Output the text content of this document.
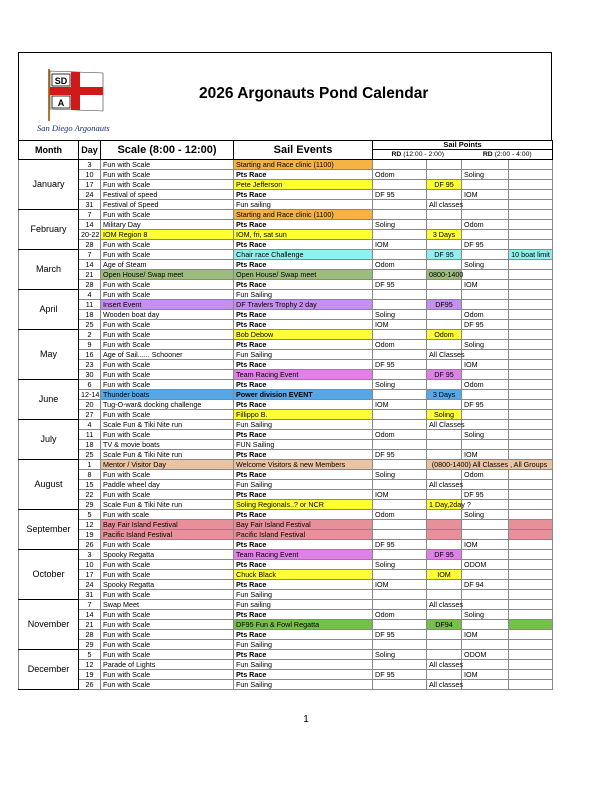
SD
A
San Diego Argonauts
2026 Argonauts Pond Calendar
Month	Day	Scale (8:00 - 12:00)	Sail Events	Sail Points
RD (12:00 - 2:00) RD (2:00 - 4:00)			

January	3	Fun with Scale	Starting and Race clinic (1100)				
	10	Fun with Scale	Pts Race	Odom		Soling	
	17	Fun with Scale	Pete Jefferson		DF 95		
	24	Festival of speed	Pts Race	DF 95		IOM	
	31	Festival of Speed	Fun sailing		All classes		
February	7	Fun with Scale	Starting and Race clinic (1100)				
	14	Military Day	Pts Race	Soling		Odom	
	20-22	IOM Region 8	IOM, fri, sat sun		3 Days		
	28	Fun with Scale	Pts Race	IOM		DF 95	
March	7	Fun with Scale	Chair race Challenge		DF 95		10 boat limit
	14	Age of Steam	Pts Race	Odom		Soling	
	21	Open House/ Swap meet	Open House/ Swap meet		0800-1400		
	28	Fun with Scale	Pts Race	DF 95		IOM	
April	4	Fun with Scale	Fun Sailing				
	11	Insert Event	DF Travlers Trophy 2 day		DF95		
	18	Wooden boat day	Pts Race	Soling		Odom	
	25	Fun with Scale	Pts Race	IOM		DF 95	
May	2	Fun with Scale	Bob Debow		Odom		
	9	Fun with Scale	Pts Race	Odom		Soling	
	16	Age of Sail...... Schooner	Fun Sailing		All Classes		
	23	Fun with Scale	Pts Race	DF 95		IOM	
	30	Fun with Scale	Team Racing Event		DF 95		
June	6	Fun with Scale	Pts Race	Soling		Odom	
	12-14	Thunder boats	Power division EVENT		3 Days		
	20	Tug-O-war& docking challenge	Pts Race	IOM		DF 95	
	27	Fun with Scale	Fillippo B.		Soling		
July	4	Scale Fun & Tiki Nite run	Fun Sailing		All Classes		
	11	Fun with Scale	Pts Race	Odom		Soling	
	18	TV & movie boats	FUN Sailing				
	25	Scale Fun & Tiki Nite run	Pts Race	DF 95		IOM	
August	1	Mentor / Visitor Day	Welcome Visitors & new Members		(0800-1400) All Classes , All Groups		
	8	Fun with Scale	Pts Race	Soling		Odom	
	15	Paddle wheel day	Fun Sailing		All classes		
	22	Fun with Scale	Pts Race	IOM		DF 95	
	29	Scale Fun & Tiki Nite run	Soling Regionals..? or NCR		1 Day,2day ?		
September	5	Fun with scale	Pts Race	Odom		Soling	
	12	Bay Fair Island Festival	Bay Fair Island Festival				
	19	Pacific Island Festival	Pacific Island Festival				
	26	Fun with Scale	Pts Race	DF 95		IOM	
October	3	Spooky Regatta	Team Racing Event		DF 95		
	10	Fun with Scale	Pts Race	Soling		ODOM	
	17	Fun with Scale	Chuck Black		IOM		
	24	Spooky Regatta	Pts Race	IOM		DF 94	
	31	Fun with Scale	Fun Sailing				
November	7	Swap Meet	Fun sailing		All classes		
	14	Fun with Scale	Pts Race	Odom		Soling	
	21	Fun with Scale	DF95 Fun & Fowl Regatta		DF94		
	28	Fun with Scale	Pts Race	DF 95		IOM	
	29	Fun with Scale	Fun Sailing				
December	5	Fun with Scale	Pts Race	Soling		ODOM	
	12	Parade of Lights	Fun Sailing		All classes		
	19	Fun with Scale	Pts Race	DF 95		IOM	
	26	Fun with Scale	Fun Sailing		All classes		
1
